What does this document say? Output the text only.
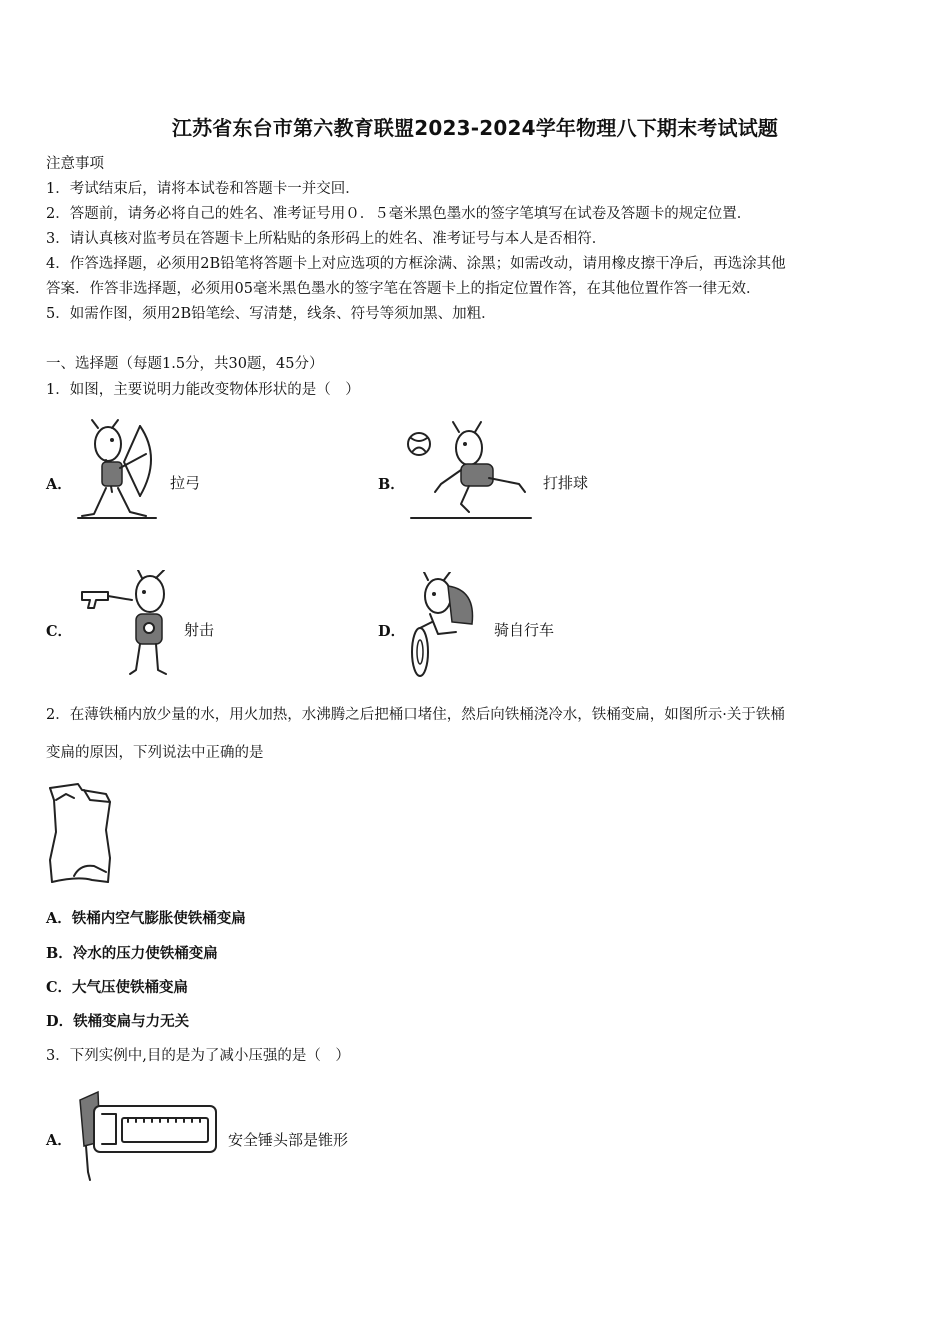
江苏省东台市第六教育联盟2023-2024学年物理八下期末考试试题
注意事项
1．考试结束后，请将本试卷和答题卡一并交回．
2．答题前，请务必将自己的姓名、准考证号用０．５毫米黑色墨水的签字笔填写在试卷及答题卡的规定位置．
3．请认真核对监考员在答题卡上所粘贴的条形码上的姓名、准考证号与本人是否相符．
4．作答选择题，必须用2B铅笔将答题卡上对应选项的方框涂满、涂黑；如需改动，请用橡皮擦干净后，再选涂其他
答案．作答非选择题，必须用05毫米黑色墨水的签字笔在答题卡上的指定位置作答，在其他位置作答一律无效．
5．如需作图，须用2B铅笔绘、写清楚，线条、符号等须加黑、加粗．
一、选择题（每题1.5分，共30题，45分）
1．如图，主要说明力能改变物体形状的是（　）
A．	拉弓	B．	打排球
C．	射击	D．	骑自行车
2．在薄铁桶内放少量的水，用火加热，水沸腾之后把桶口堵住，然后向铁桶浇冷水，铁桶变扁，如图所示·关于铁桶
变扁的原因，下列说法中正确的是
A．铁桶内空气膨胀使铁桶变扁
B．冷水的压力使铁桶变扁
C．大气压使铁桶变扁
D．铁桶变扁与力无关
3．下列实例中,目的是为了减小压强的是（　）
A．	安全锤头部是锥形
